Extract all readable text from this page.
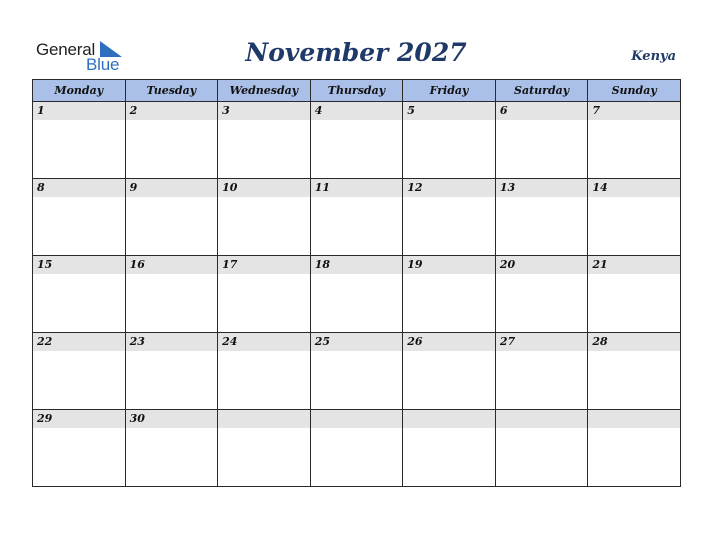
General
Blue	November 2027	Kenya
Monday	Tuesday	Wednesday	Thursday	Friday	Saturday	Sunday

1	2	3	4	5	6	7

8	9	10	11	12	13	14

15	16	17	18	19	20	21

22	23	24	25	26	27	28

29	30					
